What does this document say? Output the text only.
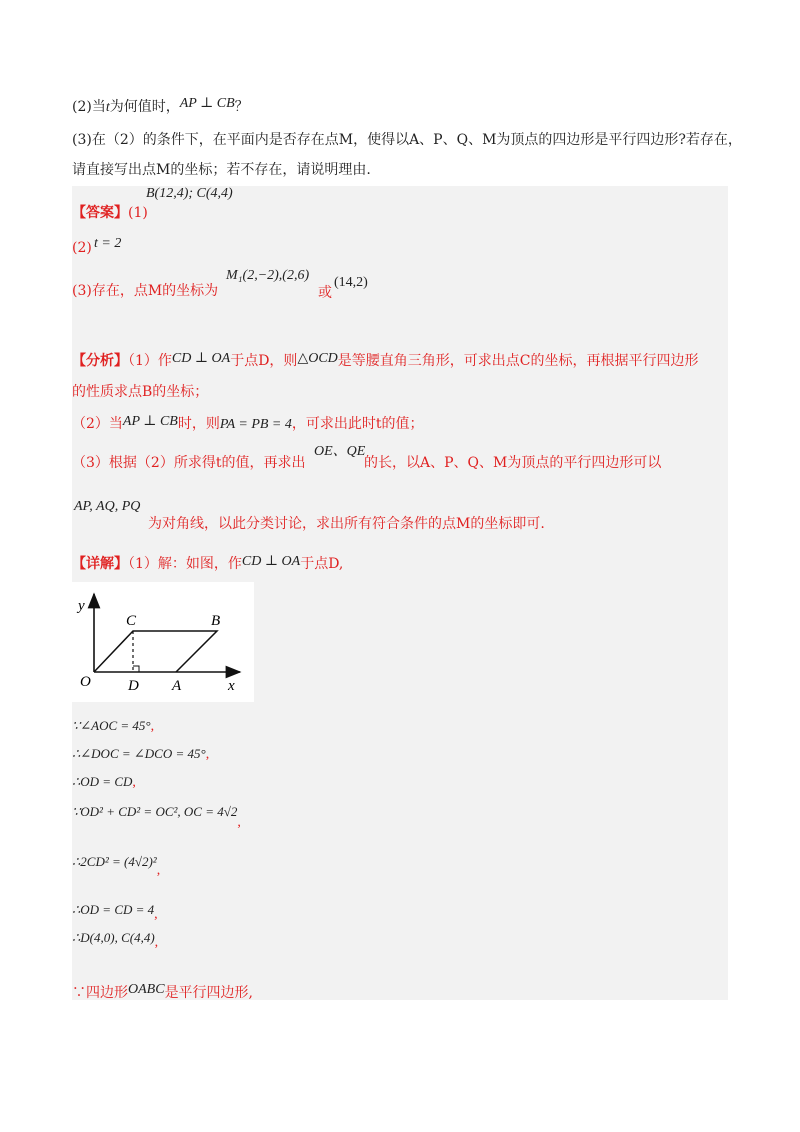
(2)当t为何值时，AP ⊥ CB？
(3)在（2）的条件下，在平面内是否存在点M，使得以A、P、Q、M为顶点的四边形是平行四边形?若存在，
请直接写出点M的坐标；若不存在，请说明理由.
【答案】(1)
B(12,4); C(4,4)
(2) t = 2
(3)存在，点M的坐标为
M₁(2,−2),(2,6)
或
(14,2)
【分析】（1）作CD ⊥ OA于点D，则△OCD是等腰直角三角形，可求出点C的坐标，再根据平行四边形
的性质求点B的坐标；
（2）当AP ⊥ CB时，则PA = PB = 4，可求出此时t的值；
（3）根据（2）所求得t的值，再求出
OE、QE
的长，以A、P、Q、M为顶点的平行四边形可以
AP, AQ, PQ
为对角线，以此分类讨论，求出所有符合条件的点M的坐标即可.
【详解】（1）解：如图，作CD ⊥ OA于点D,
y
x
O
C	B
D A
∵∠AOC = 45°,
∴∠DOC = ∠DCO = 45°,
∴OD = CD,
∵OD² + CD² = OC², OC = 4√2,
∴2CD² = (4√2)²,
∴OD = CD = 4,
∴D(4,0), C(4,4),
∵四边形OABC是平行四边形,
